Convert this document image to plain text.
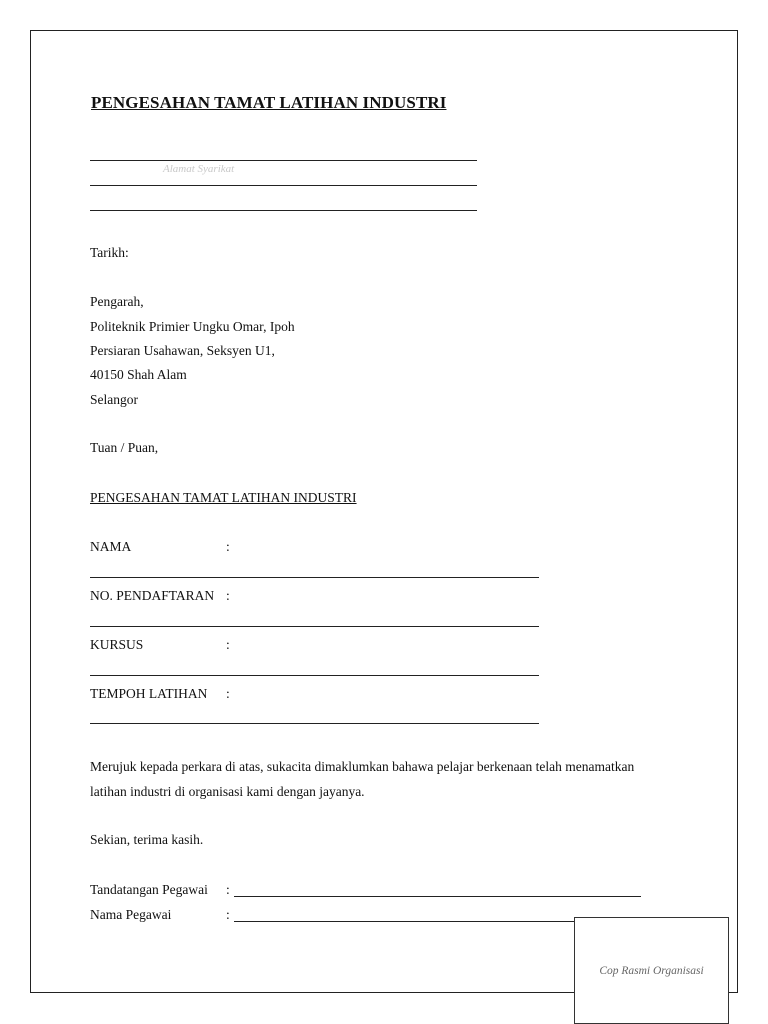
PENGESAHAN TAMAT LATIHAN INDUSTRI
Alamat Syarikat
Tarikh:
Pengarah,
Politeknik Primier Ungku Omar, Ipoh
Persiaran Usahawan, Seksyen U1,
40150 Shah Alam
Selangor
Tuan / Puan,
PENGESAHAN TAMAT LATIHAN INDUSTRI
NAMA	:
NO. PENDAFTARAN :
KURSUS	:
TEMPOH LATIHAN :
Merujuk kepada perkara di atas, sukacita dimaklumkan bahawa pelajar berkenaan telah menamatkan
latihan industri di organisasi kami dengan jayanya.
Sekian, terima kasih.
Tandatangan Pegawai :
Nama Pegawai	:
Cop Rasmi Organisasi
